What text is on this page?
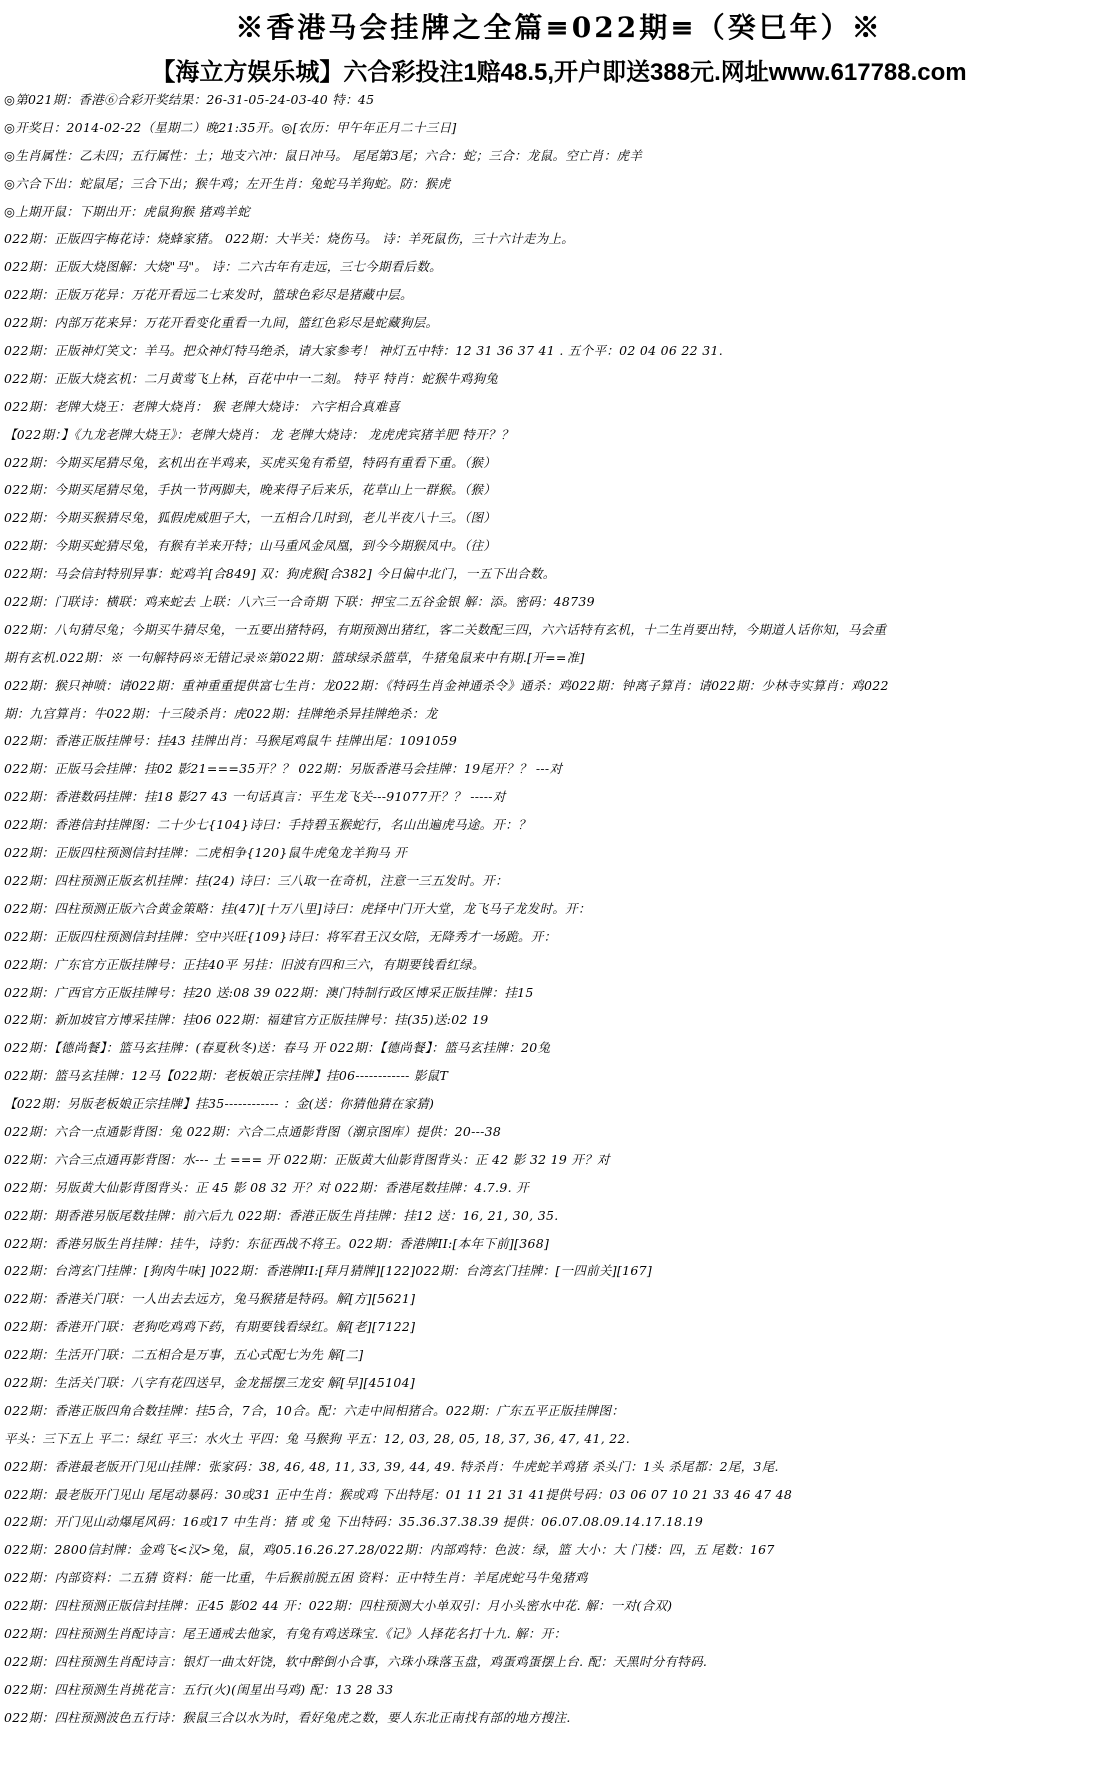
※香港马会挂牌之全篇≡022期≡（癸巳年）※
【海立方娱乐城】六合彩投注1赔48.5,开户即送388元.网址www.617788.com
◎第021期：香港⑥合彩开奖结果：26-31-05-24-03-40 特：45
◎开奖日：2014-02-22（星期二）晚21:35开。◎[农历：甲午年正月二十三日]
◎生肖属性：乙未四；五行属性：土；地支六冲：鼠日冲马。 尾尾第3尾；六合：蛇；三合：龙鼠。空亡肖：虎羊
◎六合下出：蛇鼠尾；三合下出；猴牛鸡；左开生肖：兔蛇马羊狗蛇。防：猴虎
◎上期开鼠：下期出开：虎鼠狗猴 猪鸡羊蛇
022期：正版四字梅花诗：烧蜂家猪。 022期：大半关：烧伤马。 诗：羊死鼠伤，三十六计走为上。
022期：正版大烧图解：大烧"马"。 诗：二六古年有走远，三七今期看后数。
022期：正版万花异：万花开看远二七来发时，篮球色彩尽是猪藏中层。
022期：内部万花来异：万花开看变化重看一九间，篮红色彩尽是蛇藏狗层。
022期：正版神灯笑文：羊马。把众神灯特马绝杀，请大家参考！ 神灯五中特：12 31 36 37 41 . 五个平：02 04 06 22 31.
022期：正版大烧玄机：二月黄莺飞上林，百花中中一二刻。 特平 特肖：蛇猴牛鸡狗兔
022期：老牌大烧王：老牌大烧肖： 猴 老牌大烧诗： 六字相合真难喜
【022期：】《九龙老牌大烧王》：老牌大烧肖： 龙 老牌大烧诗： 龙虎虎宾猪羊肥 特开？？
022期：今期买尾猜尽兔，玄机出在半鸡来，买虎买兔有希望，特码有重看下重。（猴）
022期：今期买尾猜尽兔，手执一节两脚夫，晚来得子后来乐，花草山上一群猴。（猴）
022期：今期买猴猜尽兔，狐假虎威胆子大，一五相合几时到，老儿半夜八十三。（图）
022期：今期买蛇猜尽兔，有猴有羊来开特；山马重风金凤凰，到今今期猴凤中。（往）
022期：马会信封特别异事：蛇鸡羊[合849] 双：狗虎猴[合382] 今日偏中北门，一五下出合数。
022期：门联诗：横联：鸡来蛇去 上联：八六三一合奇期 下联：押宝二五谷金银 解：添。密码：48739
022期：八句猜尽兔；今期买牛猜尽兔，一五要出猪特码，有期预测出猪红，客二关数配三四，六六话特有玄机，十二生肖要出特，今期道人话你知，马会重
期有玄机.022期：※ 一句解特码※无错记录※第022期：篮球绿杀篮草，牛猪兔鼠来中有期.[开==准]
022期：猴只神喷：请022期：重神重重提供富七生肖：龙022期：《特码生肖金神通杀令》通杀：鸡022期：钟离子算肖：请022期：少林寺实算肖：鸡022
期：九宫算肖：牛022期：十三陵杀肖：虎022期：挂牌绝杀异挂牌绝杀：龙
022期：香港正版挂牌号：挂43 挂牌出肖：马猴尾鸡鼠牛 挂牌出尾：1091059
022期：正版马会挂牌：挂02 影21===35开？？ 022期：另版香港马会挂牌：19尾开？？ ---对
022期：香港数码挂牌：挂18 影27 43 一句话真言：平生龙飞关---91077开？？ -----对
022期：香港信封挂牌图：二十少七{104}诗曰：手持碧玉猴蛇行，名山出遍虎马途。开：？
022期：正版四柱预测信封挂牌：二虎相争{120}鼠牛虎兔龙羊狗马 开
022期：四柱预测正版玄机挂牌：挂(24) 诗曰：三八取一在奇机，注意一三五发时。开：
022期：四柱预测正版六合黄金策略：挂(47)[十万八里]诗曰：虎择中门开大堂，龙飞马子龙发时。开：
022期：正版四柱预测信封挂牌：空中兴旺{109}诗曰：将军君王汉女陪，无降秀才一场跪。开：
022期：广东官方正版挂牌号：正挂40平 另挂：旧波有四和三六，有期要钱看红绿。
022期：广西官方正版挂牌号：挂20 送:08 39 022期：澳门特制行政区博采正版挂牌：挂15
022期：新加坡官方博采挂牌：挂06 022期：福建官方正版挂牌号：挂(35)送:02 19
022期：【德尚餐】：篮马玄挂牌：(春夏秋冬)送：春马 开 022期：【德尚餐】：篮马玄挂牌：20兔
022期：篮马玄挂牌：12马【022期：老板娘正宗挂牌】挂06------------ 影鼠T
【022期：另版老板娘正宗挂牌】挂35------------ ：金(送：你猜他猜在家猜)
022期：六合一点通影背图：兔 022期：六合二点通影背图（潮京图库）提供：20---38
022期：六合三点通再影背图：水--- 土 === 开 022期：正版黄大仙影背图背头：正 42 影 32 19 开？对
022期：另版黄大仙影背图背头：正 45 影 08 32 开？对 022期：香港尾数挂牌：4.7.9. 开
022期：期香港另版尾数挂牌：前六后九 022期：香港正版生肖挂牌：挂12 送：16, 21, 30, 35.
022期：香港另版生肖挂牌：挂牛，诗豹：东征西战不将王。022期：香港牌II:[本年下前][368]
022期：台湾玄门挂牌：[狗肉牛味] ]022期：香港牌II:[拜月猜牌][122]022期：台湾玄门挂牌：[一四前关][167]
022期：香港关门联：一人出去去远方，兔马猴猪是特码。解[方][5621]
022期：香港开门联：老狗吃鸡鸡下药，有期要钱看绿红。解[老][7122]
022期：生活开门联：二五相合是万事，五心式配七为先 解[二]
022期：生活关门联：八字有花四送早，金龙摇摆三龙安 解[早][45104]
022期：香港正版四角合数挂牌：挂5合，7合，10合。配：六走中间相猪合。022期：广东五平正版挂牌图：
平头：三下五上 平二：绿红 平三：水火土 平四：兔 马猴狗 平五：12, 03, 28, 05, 18, 37, 36, 47, 41, 22.
022期：香港最老版开门见山挂牌：张家码：38, 46, 48, 11, 33, 39, 44, 49. 特杀肖：牛虎蛇羊鸡猪 杀头门：1头 杀尾都：2尾，3尾.
022期：最老版开门见山 尾尾动暴码：30或31 正中生肖：猴或鸡 下出特尾：01 11 21 31 41提供号码：03 06 07 10 21 33 46 47 48
022期：开门见山动爆尾风码：16或17 中生肖：猪 或 兔 下出特码：35.36.37.38.39 提供：06.07.08.09.14.17.18.19
022期：2800信封牌：金鸡飞<汉>兔，鼠，鸡05.16.26.27.28/022期：内部鸡特：色波：绿，篮 大小：大 门楼：四，五 尾数：167
022期：内部资料：二五猜 资料：能一比重，牛后猴前脱五困 资料：正中特生肖：羊尾虎蛇马牛兔猪鸡
022期：四柱预测正版信封挂牌：正45 影02 44 开：022期：四柱预测大小单双引：月小头密水中花. 解：一对(合双)
022期：四柱预测生肖配诗言：尾王通戒去他家，有兔有鸡送珠宝.《记》人择花名打十九. 解：开：
022期：四柱预测生肖配诗言：银灯一曲太奸饶，软中醉倒小合事，六珠小珠落玉盘，鸡蛋鸡蛋摆上台. 配：天黑时分有特码.
022期：四柱预测生肖挑花言：五行(火)(闺星出马鸡) 配：13 28 33
022期：四柱预测波色五行诗：猴鼠三合以水为时，看好兔虎之数，要人东北正南找有部的地方搜注.
